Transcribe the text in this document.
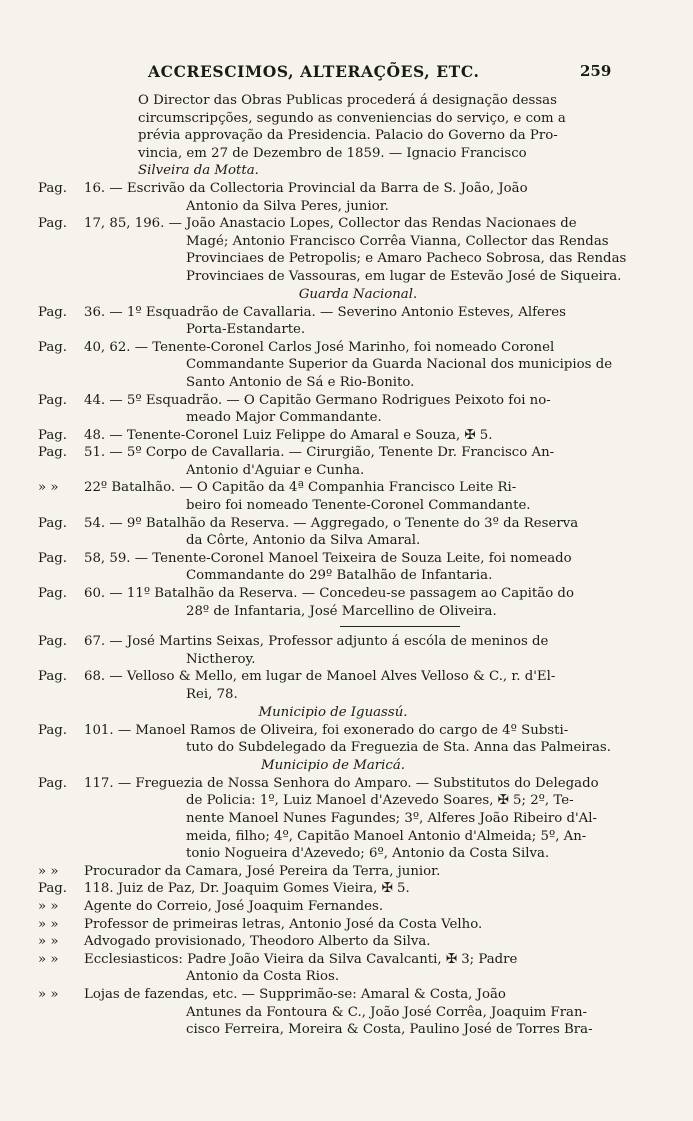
ACCRESCIMOS, ALTERAÇÕES, ETC.	259
O Director das Obras Publicas procederá á designação dessas
circumscripções, segundo as conveniencias do serviço, e com a
prévia approvação da Presidencia. Palacio do Governo da Pro-
vincia, em 27 de Dezembro de 1859. — Ignacio Francisco
Silveira da Motta.
Pag.	16. — Escrivão da Collectoria Provincial da Barra de S. João, João
Antonio da Silva Peres, junior.
Pag.	17, 85, 196. — João Anastacio Lopes, Collector das Rendas Nacionaes de
Magé; Antonio Francisco Corrêa Vianna, Collector das Rendas
Provinciaes de Petropolis; e Amaro Pacheco Sobrosa, das Rendas
Provinciaes de Vassouras, em lugar de Estevão José de Siqueira.

Guarda Nacional.

Pag.	36. — 1º Esquadrão de Cavallaria. — Severino Antonio Esteves, Alferes
Porta-Estandarte.
Pag.	40, 62. — Tenente-Coronel Carlos José Marinho, foi nomeado Coronel
Commandante Superior da Guarda Nacional dos municipios de
Santo Antonio de Sá e Rio-Bonito.
Pag.	44. — 5º Esquadrão. — O Capitão Germano Rodrigues Peixoto foi no-
meado Major Commandante.
Pag.	48. — Tenente-Coronel Luiz Felippe do Amaral e Souza, ✠ 5.
Pag.	51. — 5º Corpo de Cavallaria. — Cirurgião, Tenente Dr. Francisco An-
Antonio d'Aguiar e Cunha.
» »	22º Batalhão. — O Capitão da 4ª Companhia Francisco Leite Ri-
beiro foi nomeado Tenente-Coronel Commandante.
Pag.	54. — 9º Batalhão da Reserva. — Aggregado, o Tenente do 3º da Reserva
da Côrte, Antonio da Silva Amaral.
Pag.	58, 59. — Tenente-Coronel Manoel Teixeira de Souza Leite, foi nomeado
Commandante do 29º Batalhão de Infantaria.
Pag.	60. — 11º Batalhão da Reserva. — Concedeu-se passagem ao Capitão do
28º de Infantaria, José Marcellino de Oliveira.
Pag.	67. — José Martins Seixas, Professor adjunto á escóla de meninos de
Nictheroy.
Pag.	68. — Velloso & Mello, em lugar de Manoel Alves Velloso & C., r. d'El-
Rei, 78.

Municipio de Iguassú.

Pag.	101. — Manoel Ramos de Oliveira, foi exonerado do cargo de 4º Substi-
tuto do Subdelegado da Freguezia de Sta. Anna das Palmeiras.

Municipio de Maricá.

Pag.	117. — Freguezia de Nossa Senhora do Amparo. — Substitutos do Delegado
de Policia: 1º, Luiz Manoel d'Azevedo Soares, ✠ 5; 2º, Te-
nente Manoel Nunes Fagundes; 3º, Alferes João Ribeiro d'Al-
meida, filho; 4º, Capitão Manoel Antonio d'Almeida; 5º, An-
tonio Nogueira d'Azevedo; 6º, Antonio da Costa Silva.
» »	Procurador da Camara, José Pereira da Terra, junior.
Pag.	118. Juiz de Paz, Dr. Joaquim Gomes Vieira, ✠ 5.
» »	Agente do Correio, José Joaquim Fernandes.
» »	Professor de primeiras letras, Antonio José da Costa Velho.
» »	Advogado provisionado, Theodoro Alberto da Silva.
» »	Ecclesiasticos: Padre João Vieira da Silva Cavalcanti, ✠ 3; Padre
Antonio da Costa Rios.
» »	Lojas de fazendas, etc. — Supprimão-se: Amaral & Costa, João
Antunes da Fontoura & C., João José Corrêa, Joaquim Fran-
cisco Ferreira, Moreira & Costa, Paulino José de Torres Bra-
